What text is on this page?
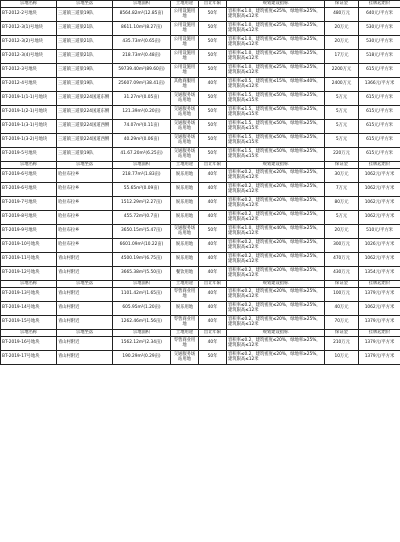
宗地名称	宗地坐落	宗地面积	土地用途	出让年限	规划建设指标	保证金	挂牌起始价
BT-2012-2号地块	三道镇三道梁19队	8564.82m²(12.85亩)	公用设施用地	50年	容积率≤1.0，建筑密度≤25%，绿地率≥25%，建筑限高≤12米	480万元	640元/平方米
BT-2012-3(1)号地块	三道镇三道梁21队	8611.10m²(8.27亩)	公用设施用地	50年	容积率≤1.0，建筑密度≤25%，绿地率≥25%，建筑限高≤12米	20万元	530元/平方米
BT-2012-3(2)号地块	三道镇三道梁21队	435.73m²(0.65亩)	公用设施用地	50年	容积率≤1.0，建筑密度≤25%，绿地率≥25%，建筑限高≤12米	20万元	530元/平方米
BT-2012-3(4)号地块	三道镇三道梁21队	218.73m²(0.48亩)	公用设施用地	50年	容积率≤1.0，建筑密度≤25%，绿地率≥25%，建筑限高≤12米	17万元	518元/平方米
BT-2012-3号地块	三道镇三道梁19队	59739.40m²(89.60亩)	公用设施用地	50年	容积率≤1.0，建筑密度≤25%，绿地率≥25%，建筑限高≤12米	2200万元	615元/平方米
BT-2012-4号地块	三道镇三道梁19队	25607.09m²(38.41亩)	其他商服用地	40年	容积率≤0.5，建筑密度≤15%，绿地率≥40%，建筑限高≤12米	2400万元	1366元/平方米
BT-2019-1(1-1)号地块	三道镇三道梁224国道东侧	31.27m²(0.05亩)	交通服务场站用地	50年	容积率≤1.5，建筑密度≤50%，绿地率≥25%，建筑限高≤15米	5万元	615元/平方米
BT-2019-1(2-1)号地块	三道镇三道梁224国道东侧	121.39m²(0.20亩)	交通服务场站用地	50年	容积率≤1.5，建筑密度≤50%，绿地率≥25%，建筑限高≤15米	5万元	615元/平方米
BT-2019-1(3-1)号地块	三道镇三道梁224国道西侧	74.07m²(0.11亩)	交通服务场站用地	50年	容积率≤1.5，建筑密度≤50%，绿地率≥25%，建筑限高≤15米	5万元	615元/平方米
BT-2019-1(3-2)号地块	三道镇三道梁224国道西侧	40.29m²(0.06亩)	交通服务场站用地	50年	容积率≤1.5，建筑密度≤50%，绿地率≥25%，建筑限高≤15米	5万元	615元/平方米
BT-2019-5号地块	三道镇三道梁19队	41.67.20m²(6.25亩)	交通服务场站用地	50年	容积率≤1.5，建筑密度≤50%，绿地率≥25%，建筑限高≤15米	220万元	615元/平方米
宗地名称	宗地坐落	宗地面积	土地用途	出让年限	规划建设指标	保证金	挂牌起始价
BT-2019-6号地块	哈拉布拉乡	218.77m²(1.83亩)	娱乐用地	40年	容积率≤0.2，建筑密度≤20%，绿地率≥25%，建筑限高≤12米	30万元	1062元/平方米
BT-2019-6号地块	哈拉布拉乡	55.65m²(0.09亩)	娱乐用地	40年	容积率≤0.2，建筑密度≤20%，绿地率≥25%，建筑限高≤12米	7万元	1062元/平方米
BT-2019-7号地块	哈拉布拉乡	1512.29m²(2.27亩)	娱乐用地	40年	容积率≤0.2，建筑密度≤20%，绿地率≥25%，建筑限高≤12米	80万元	1062元/平方米
BT-2019-8号地块	哈拉布拉乡	455.72m²(0.7亩)	娱乐用地	40年	容积率≤0.2，建筑密度≤20%，绿地率≥25%，建筑限高≤12米	5万元	1062元/平方米
BT-2019-9号地块	哈拉布拉乡	3650.15m²(5.47亩)	交通服务场站用地	50年	容积率≤1.0，建筑密度≤40%，绿地率≥25%，建筑限高≤12米	20万元	510元/平方米
BT-2019-10号地块	哈拉布拉乡	6601.09m²(10.22亩)	娱乐用地	40年	容积率≤0.2，建筑密度≤20%，绿地率≥25%，建筑限高≤12米	300万元	1026元/平方米
BT-2019-11号地块	青山村附近	4500.19m²(6.75亩)	娱乐用地	40年	容积率≤0.2，建筑密度≤20%，绿地率≥25%，建筑限高≤12米	470万元	1062元/平方米
BT-2019-12号地块	青山村附近	3665.38m²(5.50亩)	餐饮用地	40年	容积率≤0.2，建筑密度≤20%，绿地率≥25%，建筑限高≤12米	430万元	1354元/平方米
宗地名称	宗地坐落	宗地面积	土地用途	出让年限	规划建设指标	保证金	挂牌起始价
BT-2019-13号地块	青山村附近	1101.42m²(1.65亩)	零售商业用地	40年	容积率≤0.2，建筑密度≤20%，绿地率≥25%，建筑限高≤12米	100万元	1379元/平方米
BT-2019-14号地块	青山村附近	605.95m²(1.20亩)	娱乐用地	40年	容积率≤0.2，建筑密度≤20%，绿地率≥25%，建筑限高≤12米	40万元	1062元/平方米
BT-2019-15号地块	青山村附近	1262.46m²(1.56亩)	零售商业用地	40年	容积率≤0.2，建筑密度≤20%，绿地率≥25%，建筑限高≤12米	70万元	1379元/平方米
宗地名称	宗地坐落	宗地面积	土地用途	出让年限	规划建设指标	保证金	挂牌起始价
BT-2019-16号地块	青山村附近	1562.12m²(2.34亩)	零售商业用地	40年	容积率≤0.2，建筑密度≤20%，绿地率≥25%，建筑限高≤12米	210万元	1379元/平方米
BT-2019-17号地块	青山村附近	190.29m²(0.29亩)	交通服务场站用地	50年	容积率≤0.2，建筑密度≤20%，绿地率≥25%，建筑限高≤12米	10万元	1379元/平方米
